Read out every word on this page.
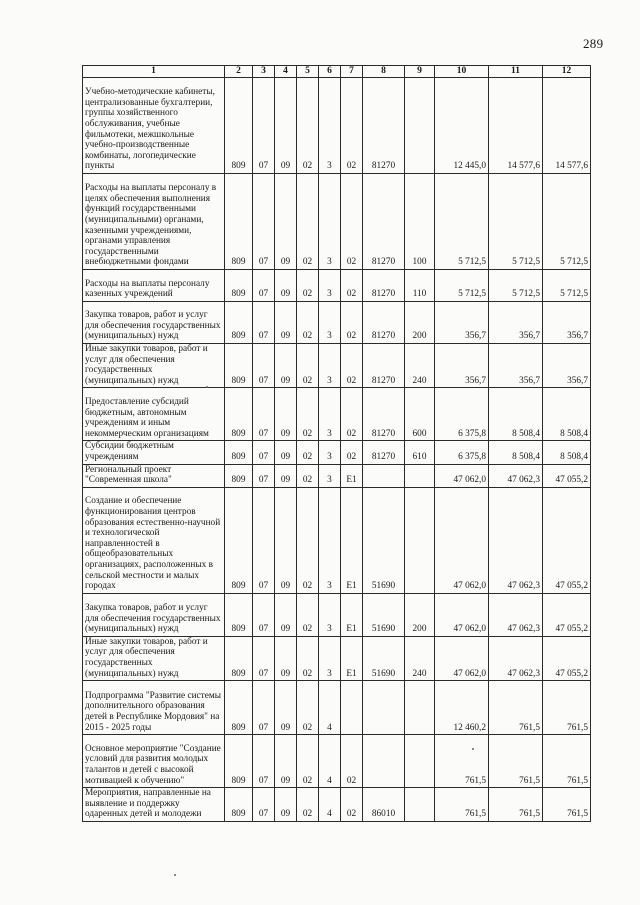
289
1	2	3	4	5	6	7	8	9	10	11	12
Учебно-методические кабинеты, централизованные бухгалтерии, группы хозяйственного обслуживания, учебные фильмотеки, межшкольные учебно-производственные комбинаты, логопедические пункты	809	07	09	02	3	02	81270		12 445,0	14 577,6	14 577,6
Расходы на выплаты персоналу в целях обеспечения выполнения функций государственными (муниципальными) органами, казенными учреждениями, органами управления государственными внебюджетными фондами	809	07	09	02	3	02	81270	100	5 712,5	5 712,5	5 712,5
Расходы на выплаты персоналу казенных учреждений	809	07	09	02	3	02	81270	110	5 712,5	5 712,5	5 712,5
Закупка товаров, работ и услуг для обеспечения государственных (муниципальных) нужд	809	07	09	02	3	02	81270	200	356,7	356,7	356,7
Иные закупки товаров, работ и услуг для обеспечения государственных (муниципальных) нужд	809	07	09	02	3	02	81270	240	356,7	356,7	356,7
Предоставление субсидий бюджетным, автономным учреждениям и иным некоммерческим организациям	809	07	09	02	3	02	81270	600	6 375,8	8 508,4	8 508,4
Субсидии бюджетным учреждениям	809	07	09	02	3	02	81270	610	6 375,8	8 508,4	8 508,4
Региональный проект "Современная школа"	809	07	09	02	3	E1			47 062,0	47 062,3	47 055,2
Создание и обеспечение функционирования центров образования естественно-научной и технологической направленностей в общеобразовательных организациях, расположенных в сельской местности и малых городах	809	07	09	02	3	E1	51690		47 062,0	47 062,3	47 055,2
Закупка товаров, работ и услуг для обеспечения государственных (муниципальных) нужд	809	07	09	02	3	E1	51690	200	47 062,0	47 062,3	47 055,2
Иные закупки товаров, работ и услуг для обеспечения государственных (муниципальных) нужд	809	07	09	02	3	E1	51690	240	47 062,0	47 062,3	47 055,2
Подпрограмма "Развитие системы дополнительного образования детей в Республике Мордовия" на 2015 - 2025 годы	809	07	09	02	4				12 460,2	761,5	761,5
Основное мероприятие "Создание условий для развития молодых талантов и детей с высокой мотивацией к обучению"	809	07	09	02	4	02			761,5	761,5	761,5
Мероприятия, направленные на выявление и поддержку одаренных детей и молодежи	809	07	09	02	4	02	86010		761,5	761,5	761,5
